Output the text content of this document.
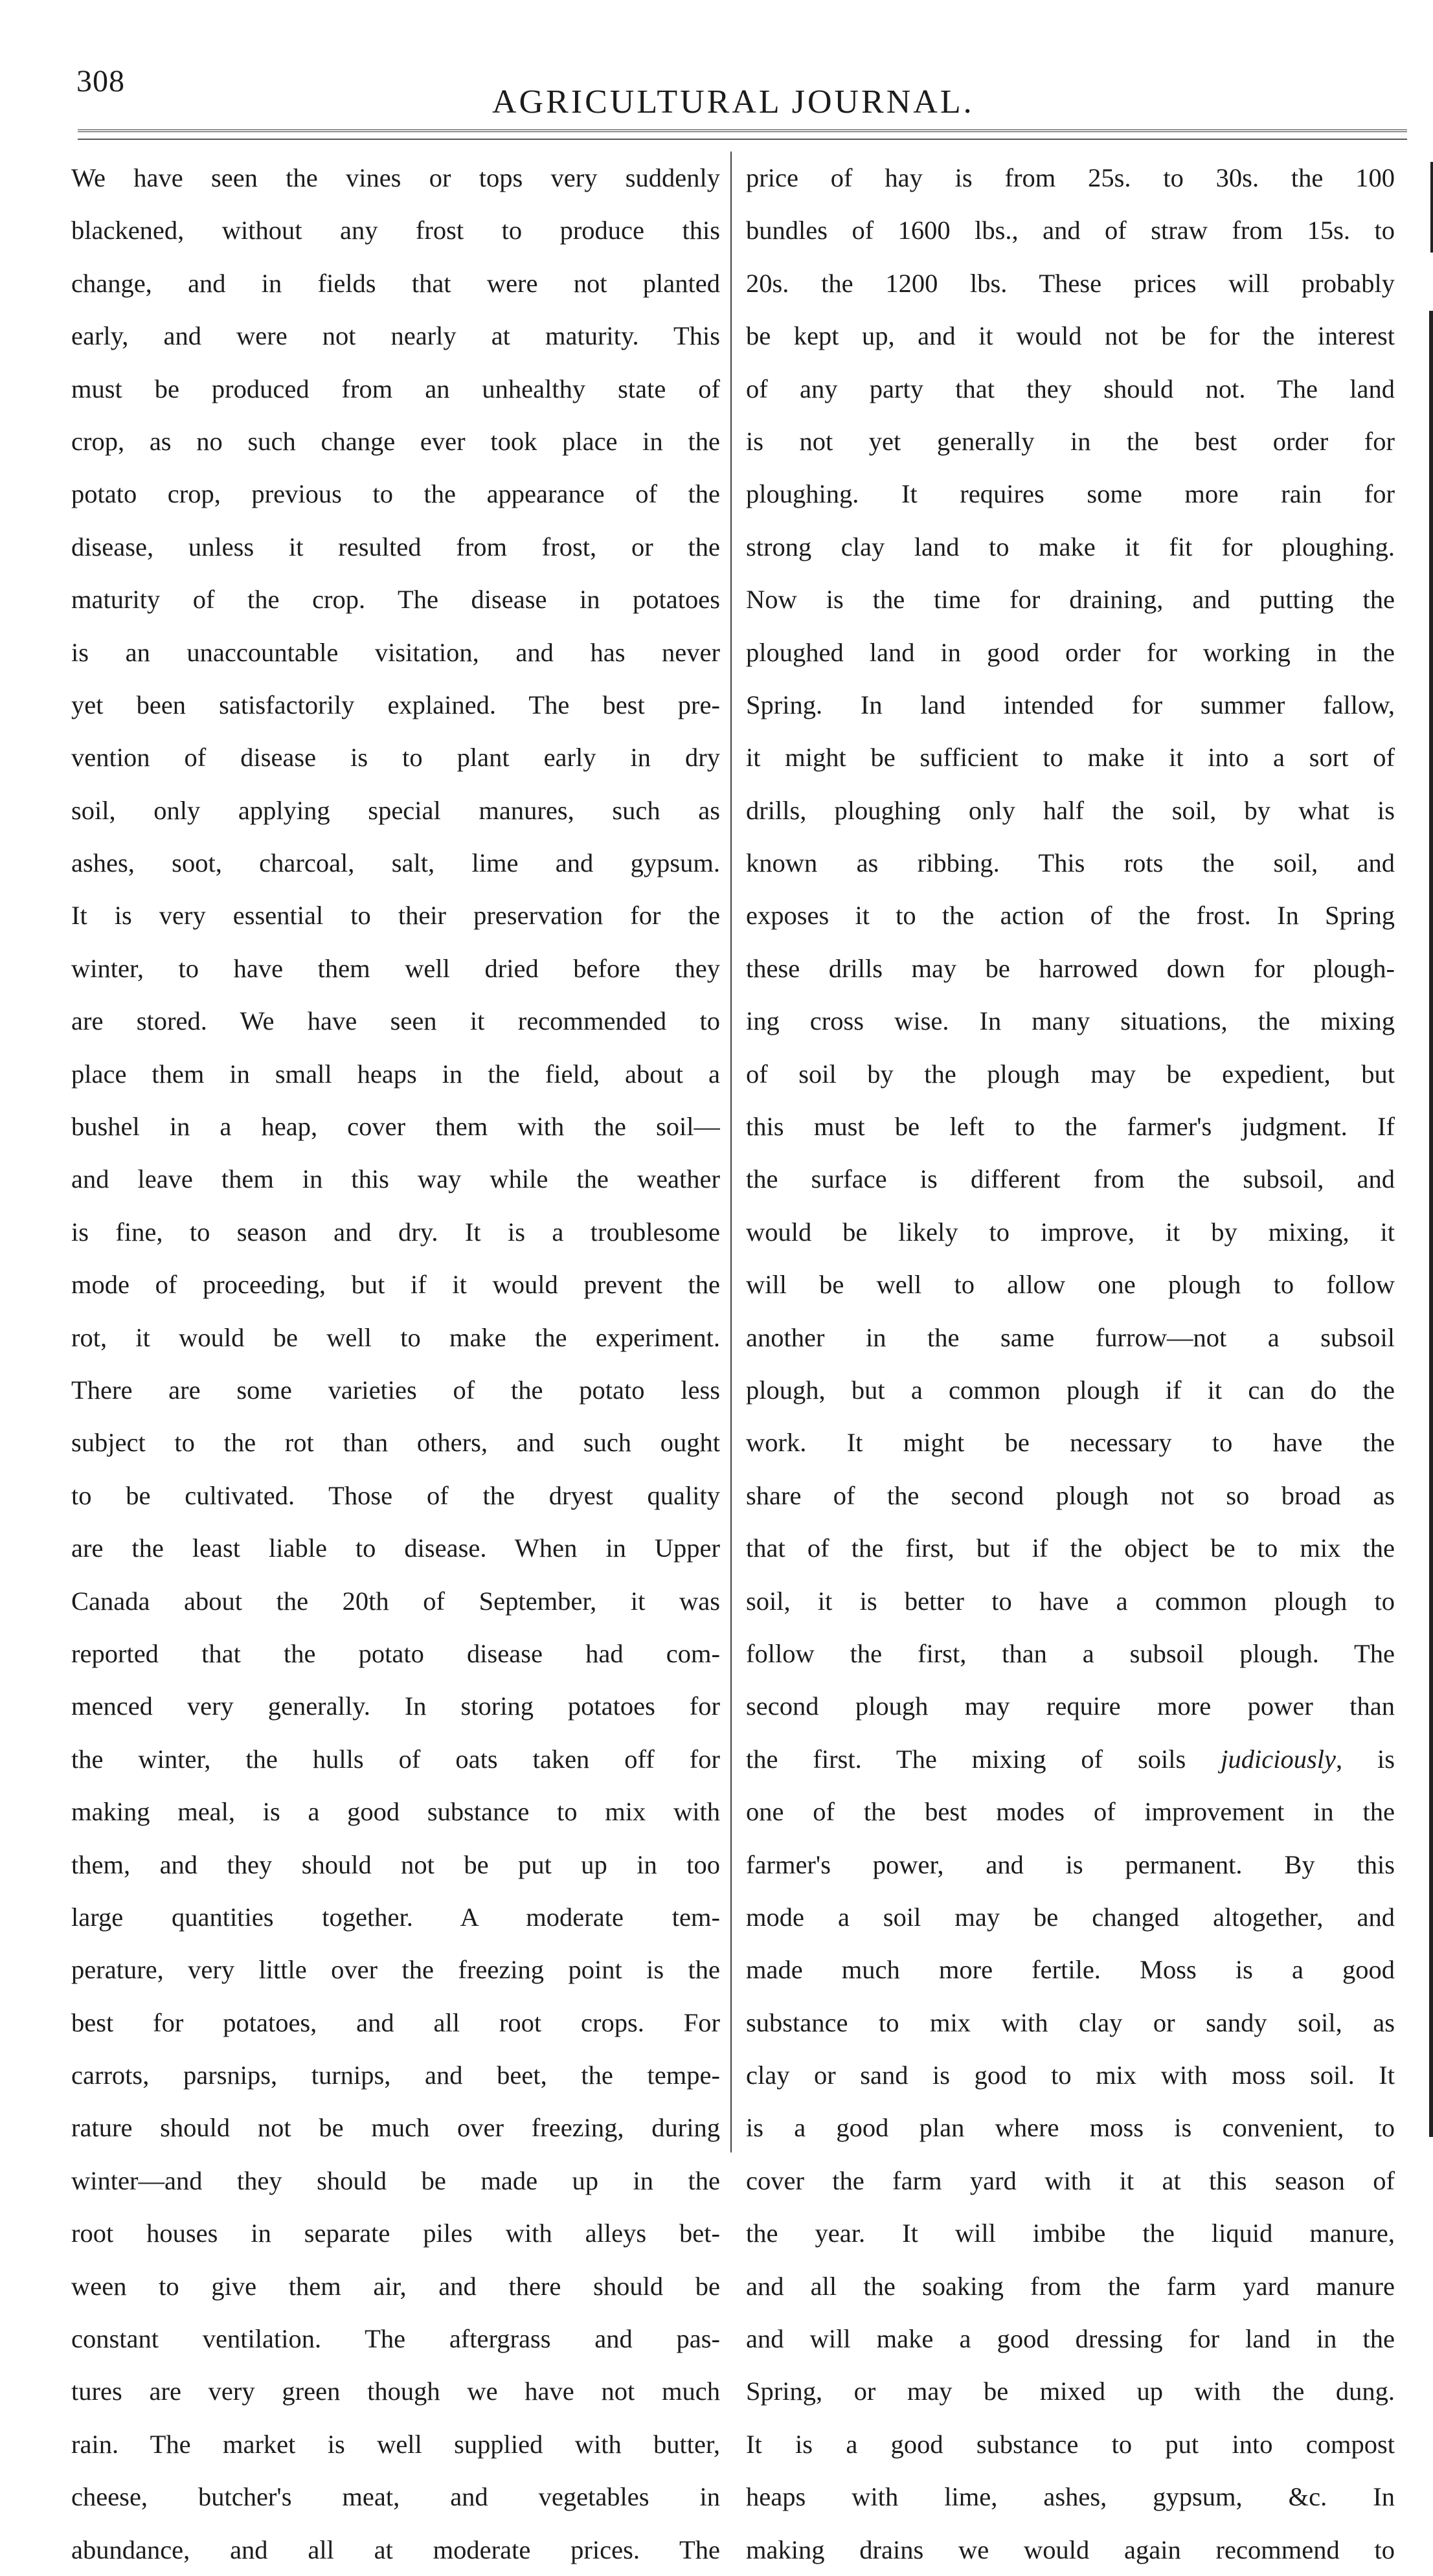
308
AGRICULTURAL JOURNAL.
We have seen the vines or tops very suddenly
blackened, without any frost to produce this
change, and in fields that were not planted
early, and were not nearly at maturity. This
must be produced from an unhealthy state of
crop, as no such change ever took place in the
potato crop, previous to the appearance of the
disease, unless it resulted from frost, or the
maturity of the crop. The disease in potatoes
is an unaccountable visitation, and has never
yet been satisfactorily explained. The best pre-
vention of disease is to plant early in dry
soil, only applying special manures, such as
ashes, soot, charcoal, salt, lime and gypsum.
It is very essential to their preservation for the
winter, to have them well dried before they
are stored. We have seen it recommended to
place them in small heaps in the field, about a
bushel in a heap, cover them with the soil—
and leave them in this way while the weather
is fine, to season and dry. It is a troublesome
mode of proceeding, but if it would prevent the
rot, it would be well to make the experiment.
There are some varieties of the potato less
subject to the rot than others, and such ought
to be cultivated. Those of the dryest quality
are the least liable to disease. When in Upper
Canada about the 20th of September, it was
reported that the potato disease had com-
menced very generally. In storing potatoes for
the winter, the hulls of oats taken off for
making meal, is a good substance to mix with
them, and they should not be put up in too
large quantities together. A moderate tem-
perature, very little over the freezing point is the
best for potatoes, and all root crops. For
carrots, parsnips, turnips, and beet, the tempe-
rature should not be much over freezing, during
winter—and they should be made up in the
root houses in separate piles with alleys bet-
ween to give them air, and there should be
constant ventilation. The aftergrass and pas-
tures are very green though we have not much
rain. The market is well supplied with butter,
cheese, butcher's meat, and vegetables in
abundance, and all at moderate prices. The
price of hay is from 25s. to 30s. the 100
bundles of 1600 lbs., and of straw from 15s. to
20s. the 1200 lbs. These prices will probably
be kept up, and it would not be for the interest
of any party that they should not. The land
is not yet generally in the best order for
ploughing. It requires some more rain for
strong clay land to make it fit for ploughing.
Now is the time for draining, and putting the
ploughed land in good order for working in the
Spring. In land intended for summer fallow,
it might be sufficient to make it into a sort of
drills, ploughing only half the soil, by what is
known as ribbing. This rots the soil, and
exposes it to the action of the frost. In Spring
these drills may be harrowed down for plough-
ing cross wise. In many situations, the mixing
of soil by the plough may be expedient, but
this must be left to the farmer's judgment. If
the surface is different from the subsoil, and
would be likely to improve, it by mixing, it
will be well to allow one plough to follow
another in the same furrow—not a subsoil
plough, but a common plough if it can do the
work. It might be necessary to have the
share of the second plough not so broad as
that of the first, but if the object be to mix the
soil, it is better to have a common plough to
follow the first, than a subsoil plough. The
second plough may require more power than
the first. The mixing of soils judiciously, is
one of the best modes of improvement in the
farmer's power, and is permanent. By this
mode a soil may be changed altogether, and
made much more fertile. Moss is a good
substance to mix with clay or sandy soil, as
clay or sand is good to mix with moss soil. It
is a good plan where moss is convenient, to
cover the farm yard with it at this season of
the year. It will imbibe the liquid manure,
and all the soaking from the farm yard manure
and will make a good dressing for land in the
Spring, or may be mixed up with the dung.
It is a good substance to put into compost
heaps with lime, ashes, gypsum, &c. In
making drains we would again recommend to
